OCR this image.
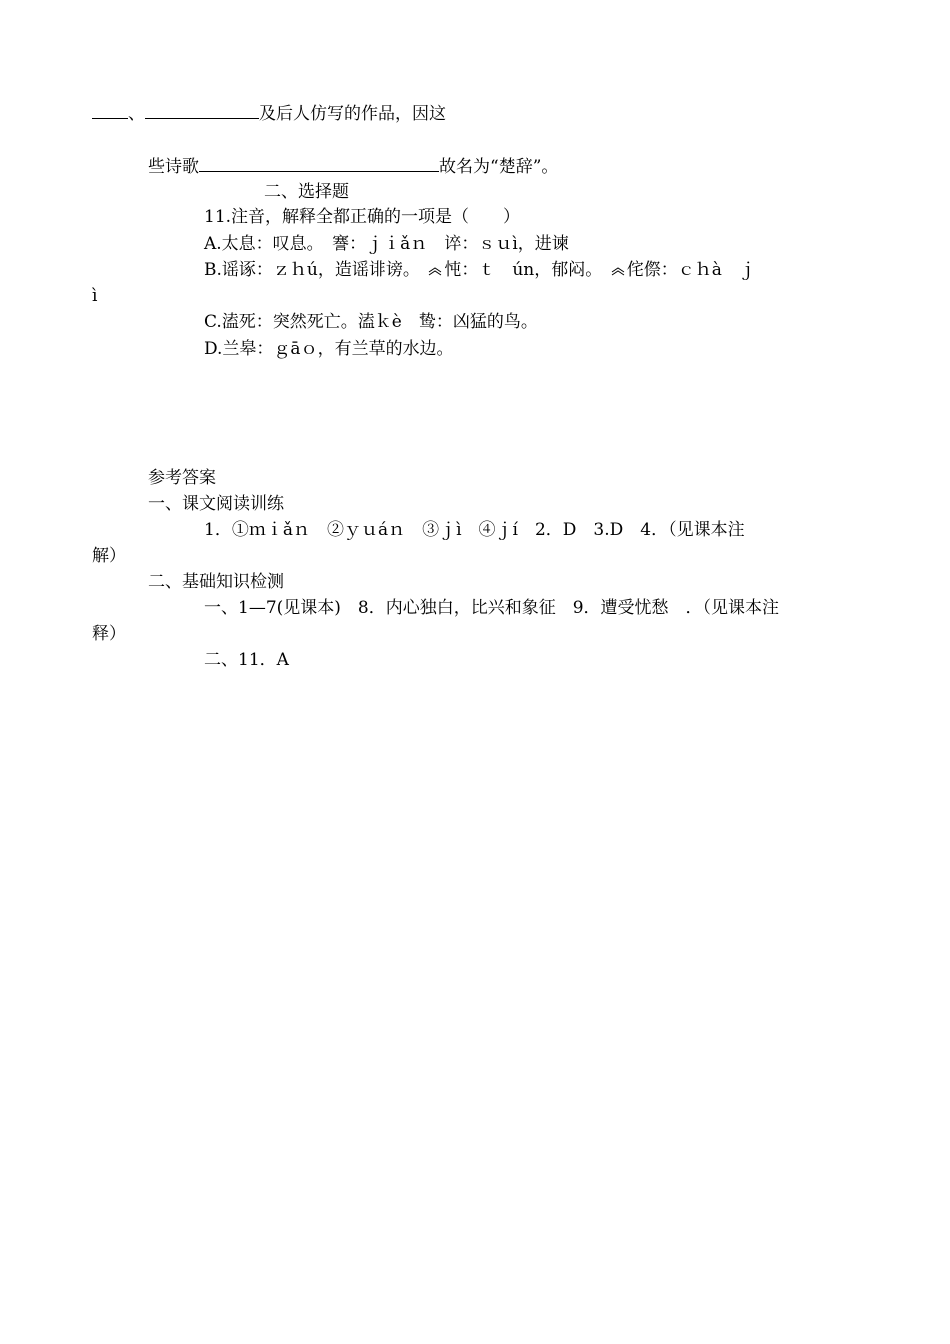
、	及后人仿写的作品，因这
些诗歌	故名为“楚辞”。
二、选择题
11.注音，解释全都正确的一项是（　　）
A.太息：叹息。　謇：ｊｉǎｎ　谇：ｓｕì，进谏
B.谣诼：ｚｈú，造谣诽谤。　忳：ｔ　ún，郁闷。　侘傺：ｃｈà　ｊ
ì
C.溘死：突然死亡。溘ｋè　鸷：凶猛的鸟。
D.兰皋：ｇāｏ，有兰草的水边。
参考答案
一、课文阅读训练
1．①ｍｉǎｎ　②ｙｕáｎ　③ｊì　④ｊí　2．D　3.D　4．（见课本注
解）
二、基础知识检测
一、1—7(见课本)　8．内心独白，比兴和象征　9．遭受忧愁　．（见课本注
释）
二、11．A
